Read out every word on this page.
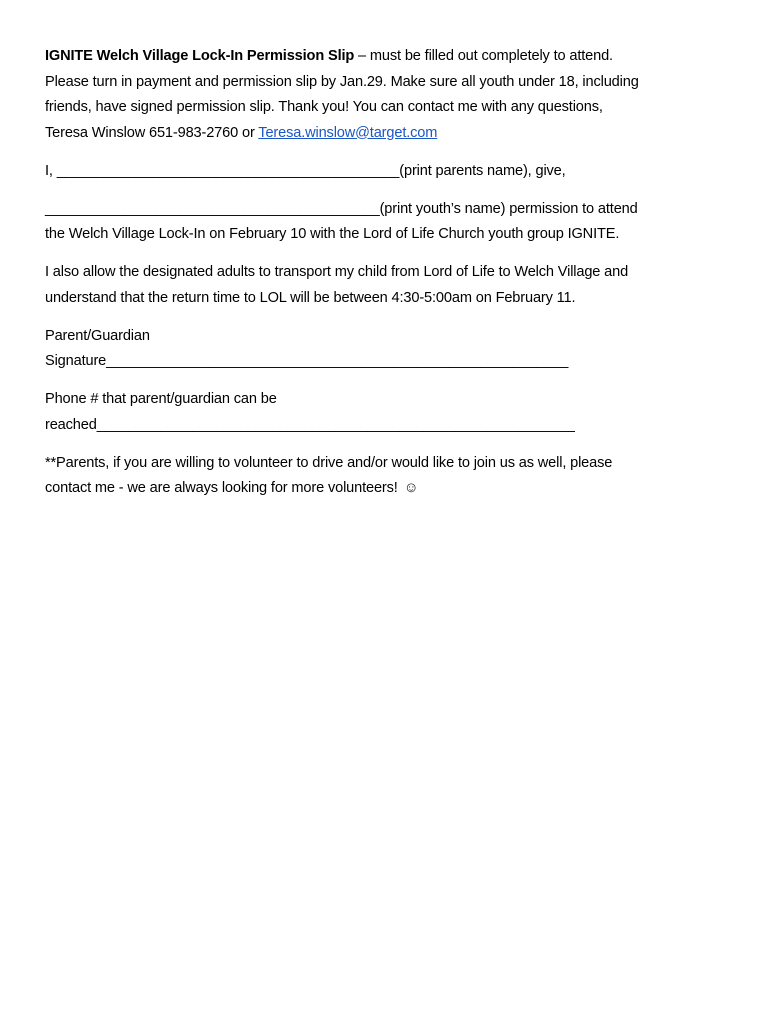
IGNITE Welch Village Lock-In Permission Slip – must be filled out completely to attend.
Please turn in payment and permission slip by Jan.29. Make sure all youth under 18, including
friends, have signed permission slip. Thank you! You can contact me with any questions,
Teresa Winslow 651-983-2760 or Teresa.winslow@target.com

I, ___________________________________________(print parents name), give,

__________________________________________(print youth’s name) permission to attend
the Welch Village Lock-In on February 10 with the Lord of Life Church youth group IGNITE.

I also allow the designated adults to transport my child from Lord of Life to Welch Village and
understand that the return time to LOL will be between 4:30-5:00am on February 11.

Parent/Guardian
Signature__________________________________________________________

Phone # that parent/guardian can be
reached____________________________________________________________

**Parents, if you are willing to volunteer to drive and/or would like to join us as well, please
contact me - we are always looking for more volunteers! ☺
